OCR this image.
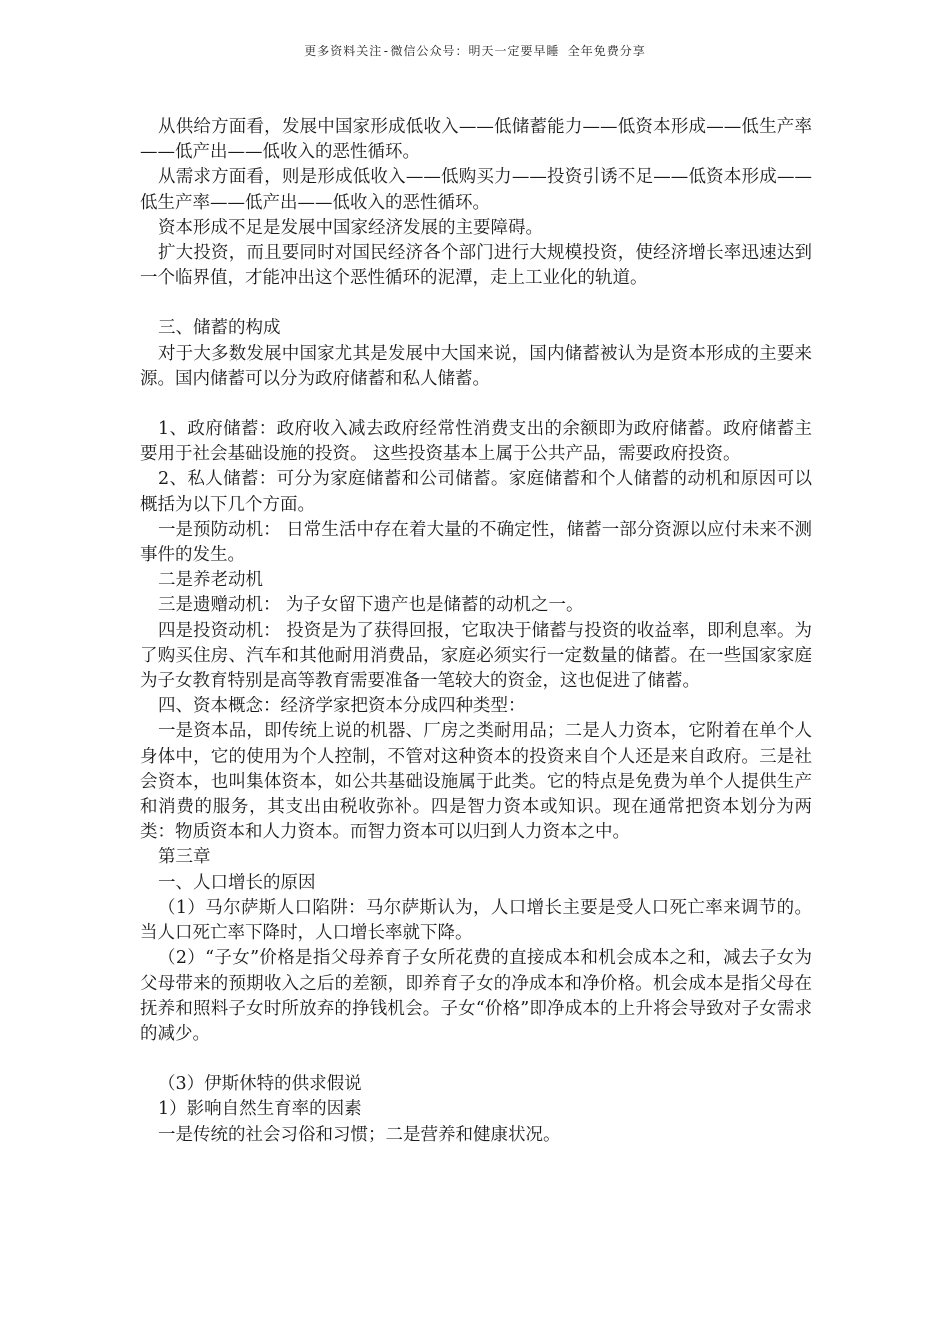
更多资料关注-微信公众号：明天一定要早睡 全年免费分享

从供给方面看，发展中国家形成低收入——低储蓄能力——低资本形成——低生产率——低产出——低收入的恶性循环。

从需求方面看，则是形成低收入——低购买力——投资引诱不足——低资本形成——低生产率——低产出——低收入的恶性循环。

资本形成不足是发展中国家经济发展的主要障碍。

扩大投资，而且要同时对国民经济各个部门进行大规模投资，使经济增长率迅速达到一个临界值，才能冲出这个恶性循环的泥潭，走上工业化的轨道。

三、储蓄的构成

对于大多数发展中国家尤其是发展中大国来说，国内储蓄被认为是资本形成的主要来源。国内储蓄可以分为政府储蓄和私人储蓄。

1、政府储蓄：政府收入减去政府经常性消费支出的余额即为政府储蓄。政府储蓄主要用于社会基础设施的投资。 这些投资基本上属于公共产品，需要政府投资。

2、私人储蓄：可分为家庭储蓄和公司储蓄。家庭储蓄和个人储蓄的动机和原因可以概括为以下几个方面。

一是预防动机： 日常生活中存在着大量的不确定性，储蓄一部分资源以应付未来不测事件的发生。

二是养老动机

三是遗赠动机： 为子女留下遗产也是储蓄的动机之一。

四是投资动机： 投资是为了获得回报，它取决于储蓄与投资的收益率，即利息率。为了购买住房、汽车和其他耐用消费品，家庭必须实行一定数量的储蓄。在一些国家家庭为子女教育特别是高等教育需要准备一笔较大的资金，这也促进了储蓄。

四、资本概念：经济学家把资本分成四种类型：

一是资本品，即传统上说的机器、厂房之类耐用品；二是人力资本，它附着在单个人身体中，它的使用为个人控制，不管对这种资本的投资来自个人还是来自政府。三是社会资本，也叫集体资本，如公共基础设施属于此类。它的特点是免费为单个人提供生产和消费的服务，其支出由税收弥补。四是智力资本或知识。现在通常把资本划分为两类：物质资本和人力资本。而智力资本可以归到人力资本之中。

第三章

一、人口增长的原因

（1）马尔萨斯人口陷阱：马尔萨斯认为，人口增长主要是受人口死亡率来调节的。当人口死亡率下降时，人口增长率就下降。

（2）“子女”价格是指父母养育子女所花费的直接成本和机会成本之和，减去子女为父母带来的预期收入之后的差额，即养育子女的净成本和净价格。机会成本是指父母在抚养和照料子女时所放弃的挣钱机会。子女“价格”即净成本的上升将会导致对子女需求的减少。

（3）伊斯休特的供求假说

1）影响自然生育率的因素

一是传统的社会习俗和习惯；二是营养和健康状况。
